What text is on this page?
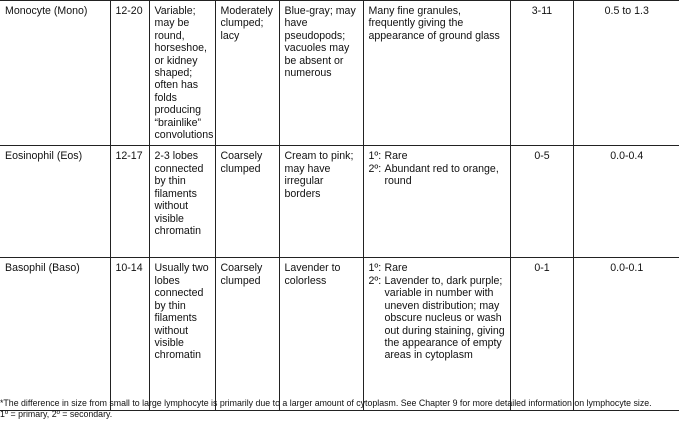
Monocyte (Mono)	12-20	Variable; may be round, horseshoe, or kidney shaped; often has folds producing “brainlike” convolutions	Moderately clumped; lacy	Blue-gray; may have pseudopods; vacuoles may be absent or numerous	Many fine granules, frequently giving the appearance of ground glass	3-11	0.5 to 1.3
Eosinophil (Eos)	12-17	2-3 lobes connected by thin filaments without visible chromatin	Coarsely clumped	Cream to pink; may have irregular borders	1º: Rare
2º: Abundant red to orange, round	0-5	0.0-0.4
Basophil (Baso)	10-14	Usually two lobes connected by thin filaments without visible chromatin	Coarsely clumped	Lavender to colorless	1º: Rare
2º: Lavender to, dark purple; variable in number with uneven distribution; may obscure nucleus or wash out during staining, giving the appearance of empty areas in cytoplasm	0-1	0.0-0.1
*The difference in size from small to large lymphocyte is primarily due to a larger amount of cytoplasm. See Chapter 9 for more detailed information on lymphocyte size.
1º = primary, 2º = secondary.
